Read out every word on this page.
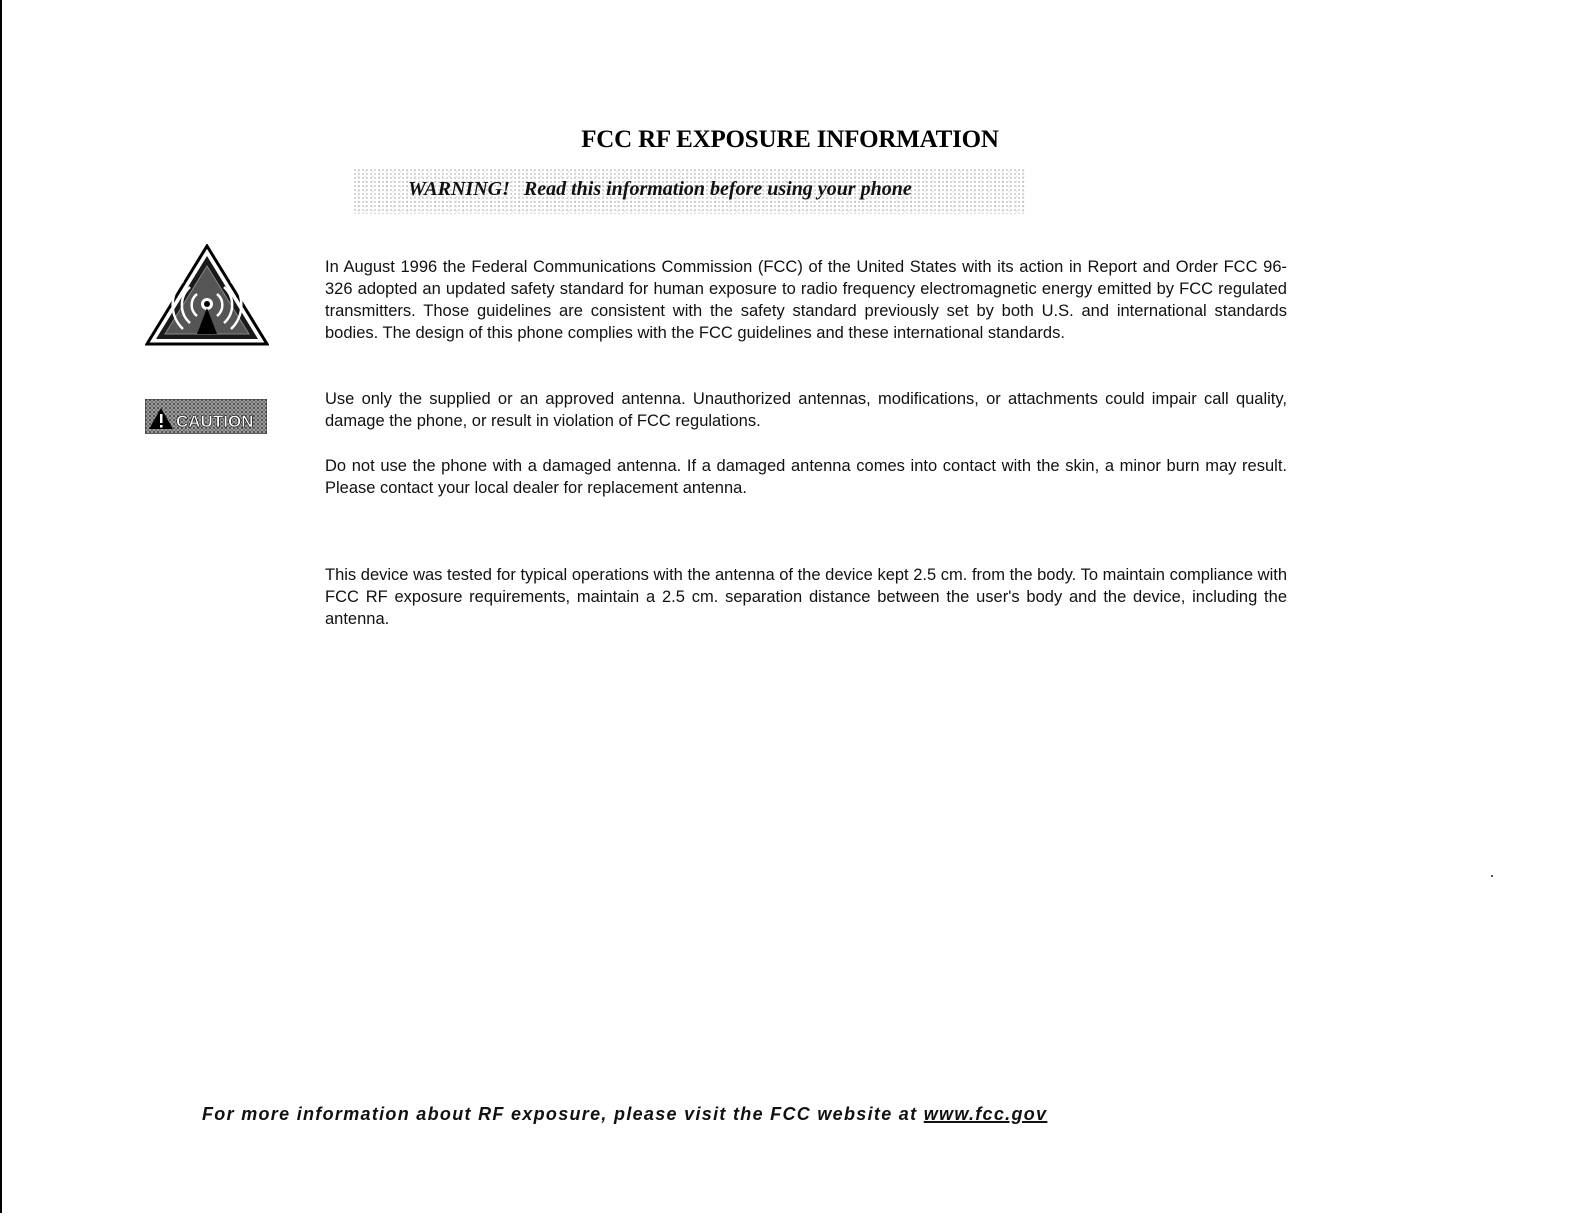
FCC RF EXPOSURE INFORMATION
WARNING! Read this information before using your phone
CAUTION
In August 1996 the Federal Communications Commission (FCC) of the United States with its action in Report and Order FCC 96-326 adopted an updated safety standard for human exposure to radio frequency electromagnetic energy emitted by FCC regulated transmitters. Those guidelines are consistent with the safety standard previously set by both U.S. and international standards bodies. The design of this phone complies with the FCC guidelines and these international standards.
Use only the supplied or an approved antenna. Unauthorized antennas, modifications, or attachments could impair call quality, damage the phone, or result in violation of FCC regulations.
Do not use the phone with a damaged antenna. If a damaged antenna comes into contact with the skin, a minor burn may result. Please contact your local dealer for replacement antenna.
This device was tested for typical operations with the antenna of the device kept 2.5 cm. from the body. To maintain compliance with FCC RF exposure requirements, maintain a 2.5 cm. separation distance between the user's body and the device, including the antenna.
For more information about RF exposure, please visit the FCC website at www.fcc.gov
